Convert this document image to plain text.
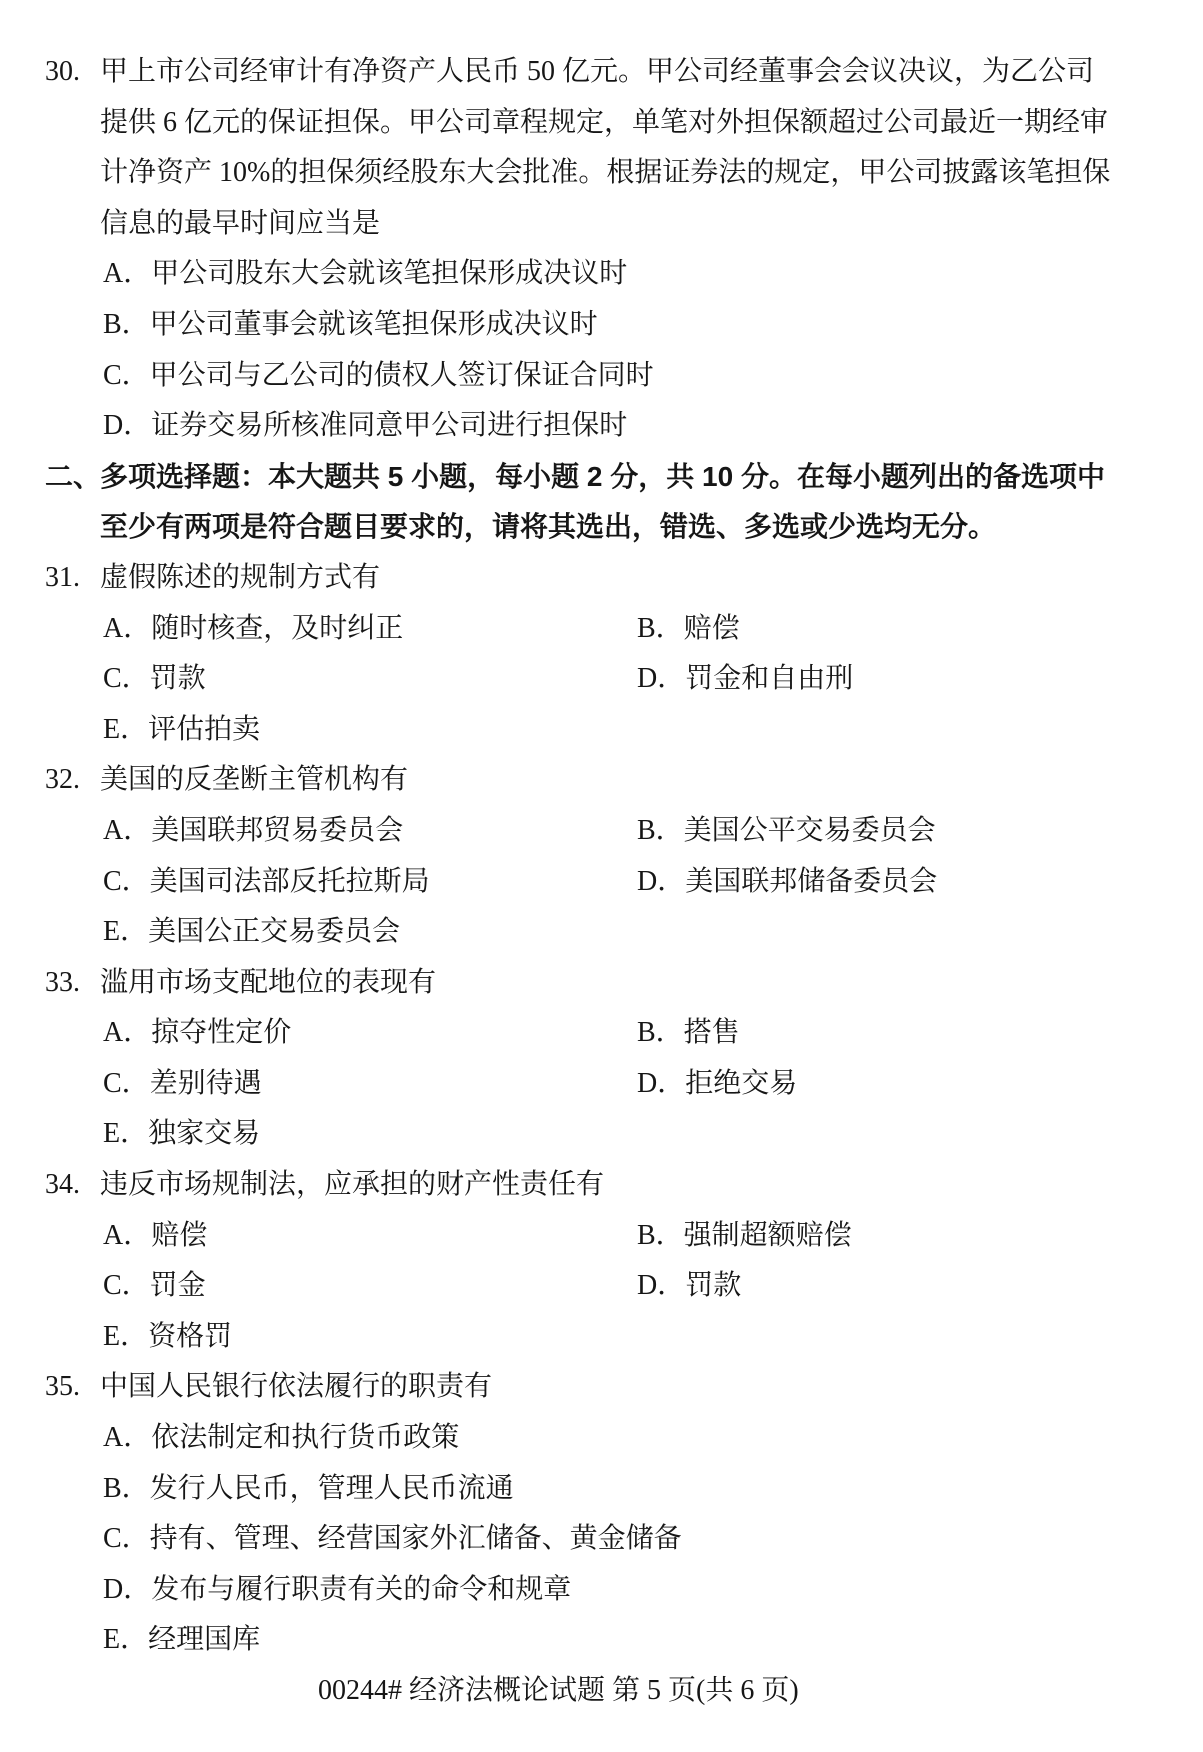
30. 甲上市公司经审计有净资产人民币 50 亿元。甲公司经董事会会议决议，为乙公司
提供 6 亿元的保证担保。甲公司章程规定，单笔对外担保额超过公司最近一期经审
计净资产 10%的担保须经股东大会批准。根据证券法的规定，甲公司披露该笔担保
信息的最早时间应当是
A．甲公司股东大会就该笔担保形成决议时
B．甲公司董事会就该笔担保形成决议时
C．甲公司与乙公司的债权人签订保证合同时
D．证券交易所核准同意甲公司进行担保时
二、
多项选择题：本大题共 5 小题，每小题 2 分，共 10 分。在每小题列出的备选项中
至少有两项是符合题目要求的，请将其选出，错选、多选或少选均无分。
31. 虚假陈述的规制方式有
A．随时核查，及时纠正	B．赔偿
C．罚款	D．罚金和自由刑
E．评估拍卖
32. 美国的反垄断主管机构有
A．美国联邦贸易委员会	B．美国公平交易委员会
C．美国司法部反托拉斯局	D．美国联邦储备委员会
E．美国公正交易委员会
33. 滥用市场支配地位的表现有
A．掠夺性定价	B．搭售
C．差别待遇	D．拒绝交易
E．独家交易
34. 违反市场规制法，应承担的财产性责任有
A．赔偿	B．强制超额赔偿
C．罚金	D．罚款
E．资格罚
35. 中国人民银行依法履行的职责有
A．依法制定和执行货币政策
B．发行人民币，管理人民币流通
C．持有、管理、经营国家外汇储备、黄金储备
D．发布与履行职责有关的命令和规章
E．经理国库
00244# 经济法概论试题 第 5 页(共 6 页)
